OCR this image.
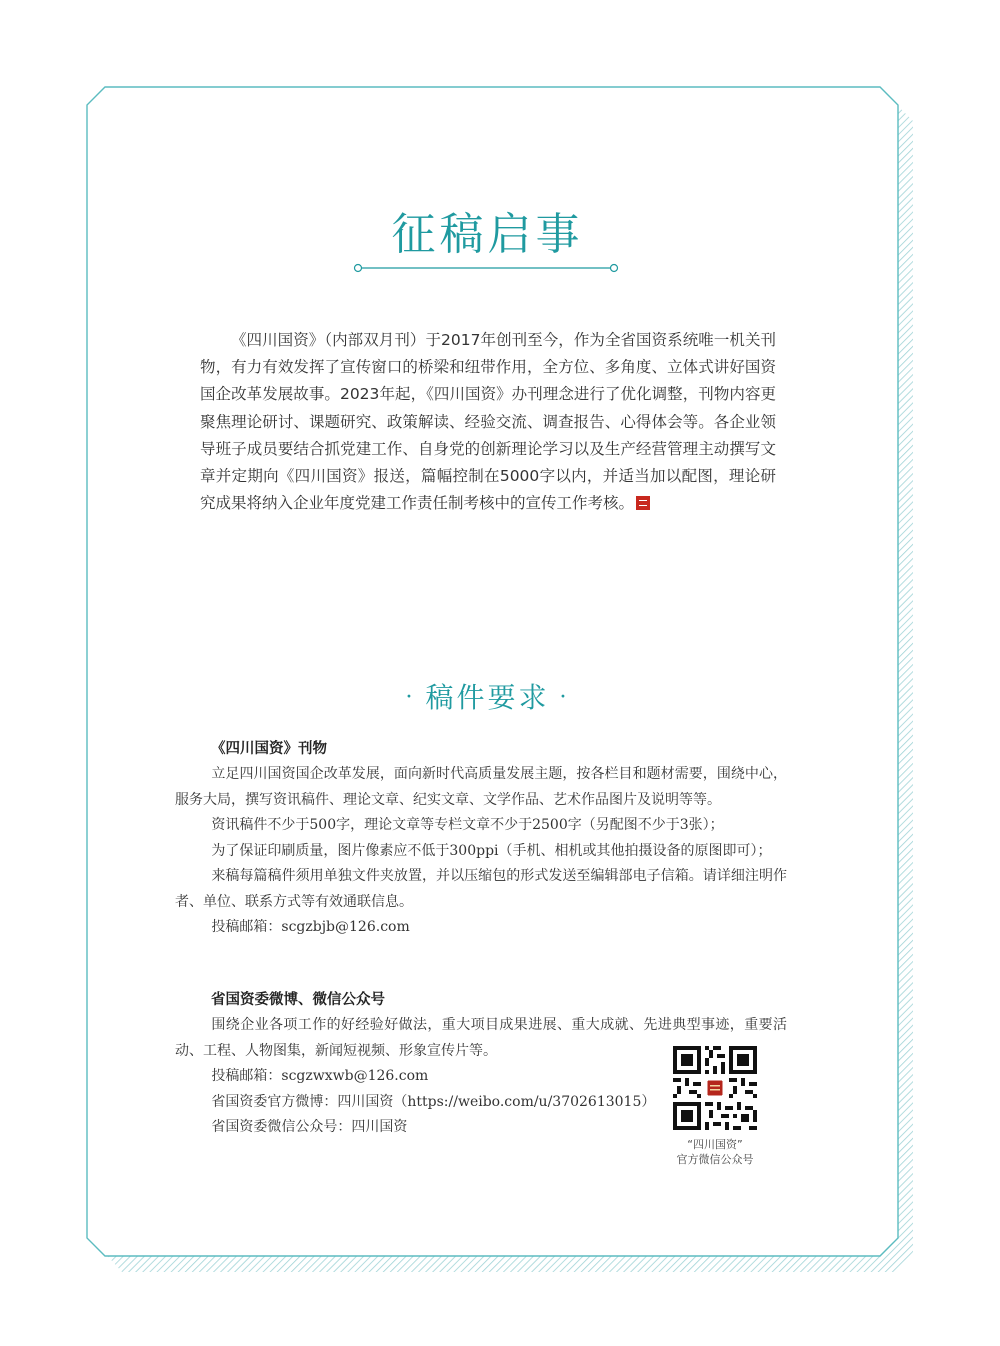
征稿启事
《四川国资》（内部双月刊）于2017年创刊至今，作为全省国资系统唯一机关刊物，有力有效发挥了宣传窗口的桥梁和纽带作用，全方位、多角度、立体式讲好国资国企改革发展故事。2023年起，《四川国资》办刊理念进行了优化调整，刊物内容更聚焦理论研讨、课题研究、政策解读、经验交流、调查报告、心得体会等。各企业领导班子成员要结合抓党建工作、自身党的创新理论学习以及生产经营管理主动撰写文章并定期向《四川国资》报送，篇幅控制在5000字以内，并适当加以配图，理论研究成果将纳入企业年度党建工作责任制考核中的宣传工作考核。
· 稿件要求 ·
《四川国资》刊物

立足四川国资国企改革发展，面向新时代高质量发展主题，按各栏目和题材需要，围绕中心，服务大局，撰写资讯稿件、理论文章、纪实文章、文学作品、艺术作品图片及说明等等。

资讯稿件不少于500字，理论文章等专栏文章不少于2500字（另配图不少于3张）；

为了保证印刷质量，图片像素应不低于300ppi（手机、相机或其他拍摄设备的原图即可）；

来稿每篇稿件须用单独文件夹放置，并以压缩包的形式发送至编辑部电子信箱。请详细注明作者、单位、联系方式等有效通联信息。

投稿邮箱：scgzbjb@126.com

省国资委微博、微信公众号

围绕企业各项工作的好经验好做法，重大项目成果进展、重大成就、先进典型事迹，重要活动、工程、人物图集，新闻短视频、形象宣传片等。

投稿邮箱：scgzwxwb@126.com

省国资委官方微博：四川国资（https://weibo.com/u/3702613015）

省国资委微信公众号：四川国资

“四川国资”
官方微信公众号
